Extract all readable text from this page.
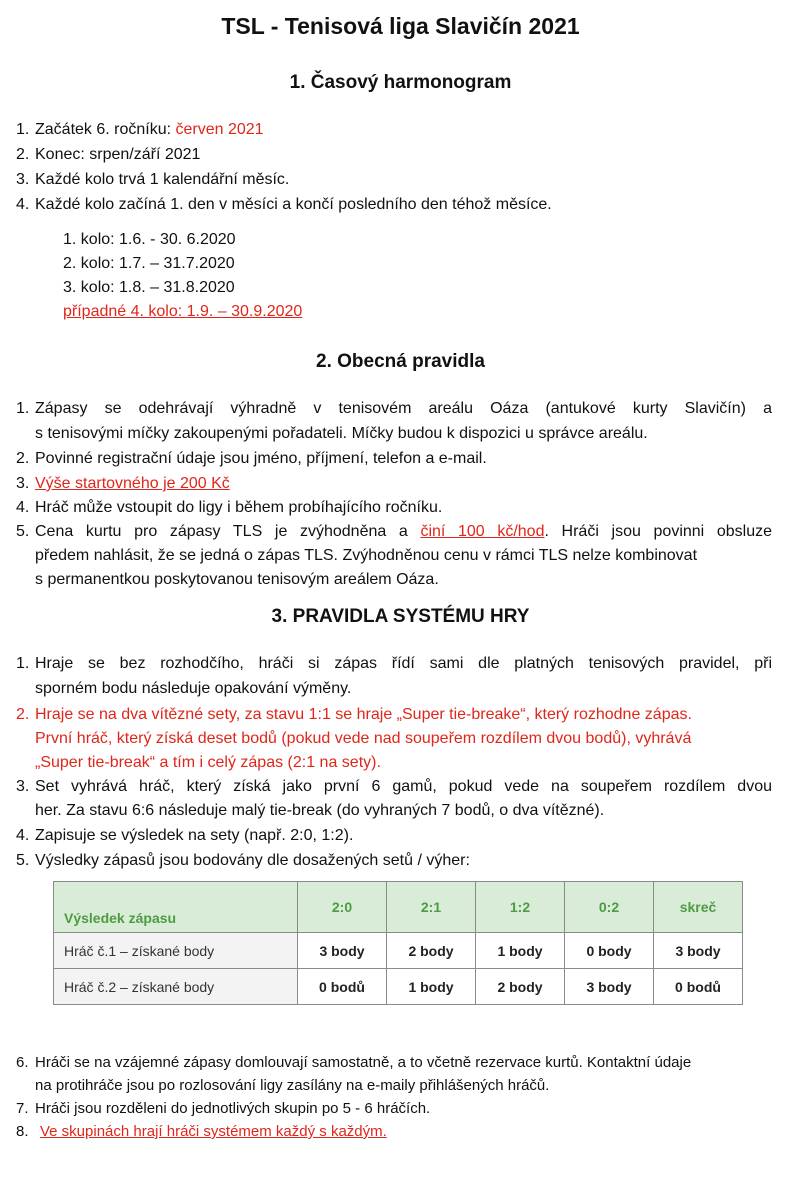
TSL - Tenisová liga Slavičín 2021
1. Časový harmonogram
1. Začátek 6. ročníku: červen 2021
2. Konec: srpen/září 2021
3. Každé kolo trvá 1 kalendářní měsíc.
4. Každé kolo začíná 1. den v měsíci a končí posledního den téhož měsíce.
1. kolo: 1.6. - 30. 6.2020
2. kolo: 1.7. – 31.7.2020
3. kolo: 1.8. – 31.8.2020
případné 4. kolo: 1.9. – 30.9.2020
2. Obecná pravidla
1. Zápasy se odehrávají výhradně v tenisovém areálu Oáza (antukové kurty Slavičín) a
s tenisovými míčky zakoupenými pořadateli. Míčky budou k dispozici u správce areálu.
2. Povinné registrační údaje jsou jméno, příjmení, telefon a e-mail.
3. Výše startovného je 200 Kč
4. Hráč může vstoupit do ligy i během probíhajícího ročníku.
5. Cena kurtu pro zápasy TLS je zvýhodněna a činí 100 kč/hod. Hráči jsou povinni obsluze
předem nahlásit, že se jedná o zápas TLS. Zvýhodněnou cenu v rámci TLS nelze kombinovat
s permanentkou poskytovanou tenisovým areálem Oáza.
3. PRAVIDLA SYSTÉMU HRY
1. Hraje se bez rozhodčího, hráči si zápas řídí sami dle platných tenisových pravidel, při
sporném bodu následuje opakování výměny.
2. Hraje se na dva vítězné sety, za stavu 1:1 se hraje „Super tie-breake“, který rozhodne zápas.
První hráč, který získá deset bodů (pokud vede nad soupeřem rozdílem dvou bodů), vyhrává
„Super tie-break“ a tím i celý zápas (2:1 na sety).
3. Set vyhrává hráč, který získá jako první 6 gamů, pokud vede na soupeřem rozdílem dvou
her. Za stavu 6:6 následuje malý tie-break (do vyhraných 7 bodů, o dva vítězné).
4. Zapisuje se výsledek na sety (např. 2:0, 1:2).
5. Výsledky zápasů jsou bodovány dle dosažených setů / výher:
Výsledek zápasu	2:0	2:1	1:2	0:2	skreč
Hráč č.1 – získané body	3 body	2 body	1 body	0 body	3 body
Hráč č.2 – získané body	0 bodů	1 body	2 body	3 body	0 bodů
6. Hráči se na vzájemné zápasy domlouvají samostatně, a to včetně rezervace kurtů. Kontaktní údaje
na protihráče jsou po rozlosování ligy zasílány na e-maily přihlášených hráčů.
7. Hráči jsou rozděleni do jednotlivých skupin po 5 - 6 hráčích.
8. Ve skupinách hrají hráči systémem každý s každým.
